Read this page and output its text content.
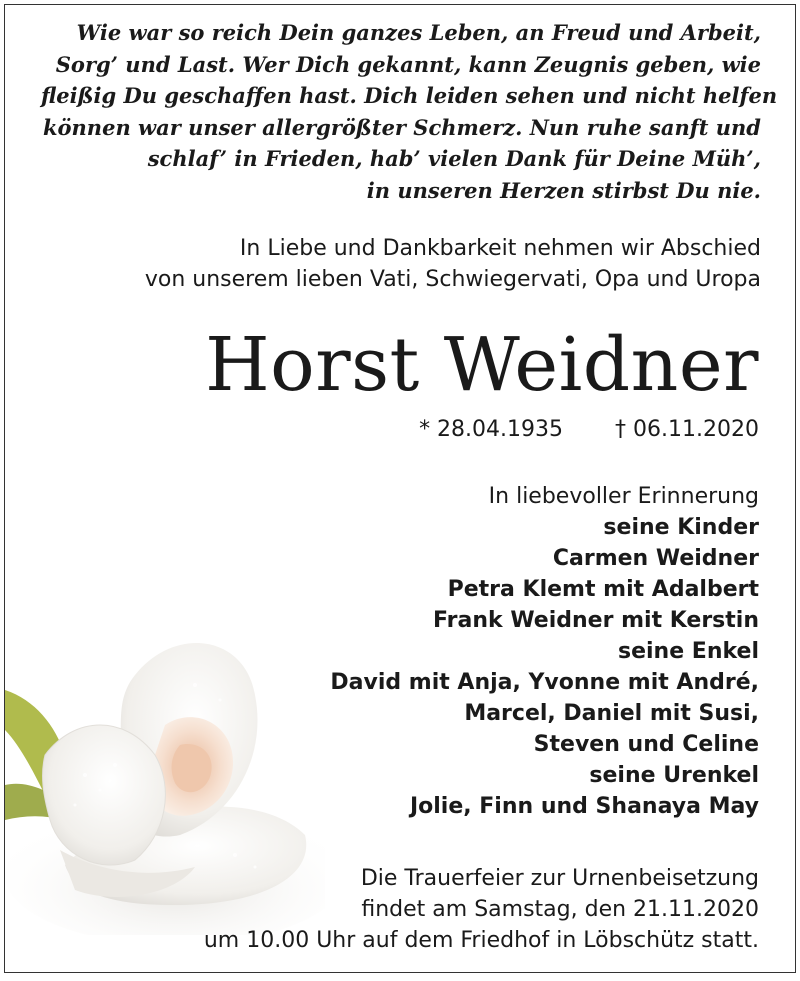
Wie war so reich Dein ganzes Leben, an Freud und Arbeit,
Sorg’ und Last. Wer Dich gekannt, kann Zeugnis geben, wie
fleißig Du geschaffen hast. Dich leiden sehen und nicht helfen
können war unser allergrößter Schmerz. Nun ruhe sanft und
schlaf’ in Frieden, hab’ vielen Dank für Deine Müh’,
in unseren Herzen stirbst Du nie.

In Liebe und Dankbarkeit nehmen wir Abschied
von unserem lieben Vati, Schwiegervati, Opa und Uropa

Horst Weidner
* 28.04.1935 † 06.11.2020
In liebevoller Erinnerung
seine Kinder
Carmen Weidner
Petra Klemt mit Adalbert
Frank Weidner mit Kerstin
seine Enkel
David mit Anja, Yvonne mit André,
Marcel, Daniel mit Susi,
Steven und Celine
seine Urenkel
Jolie, Finn und Shanaya May

Die Trauerfeier zur Urnenbeisetzung
findet am Samstag, den 21.11.2020
um 10.00 Uhr auf dem Friedhof in Löbschütz statt.
